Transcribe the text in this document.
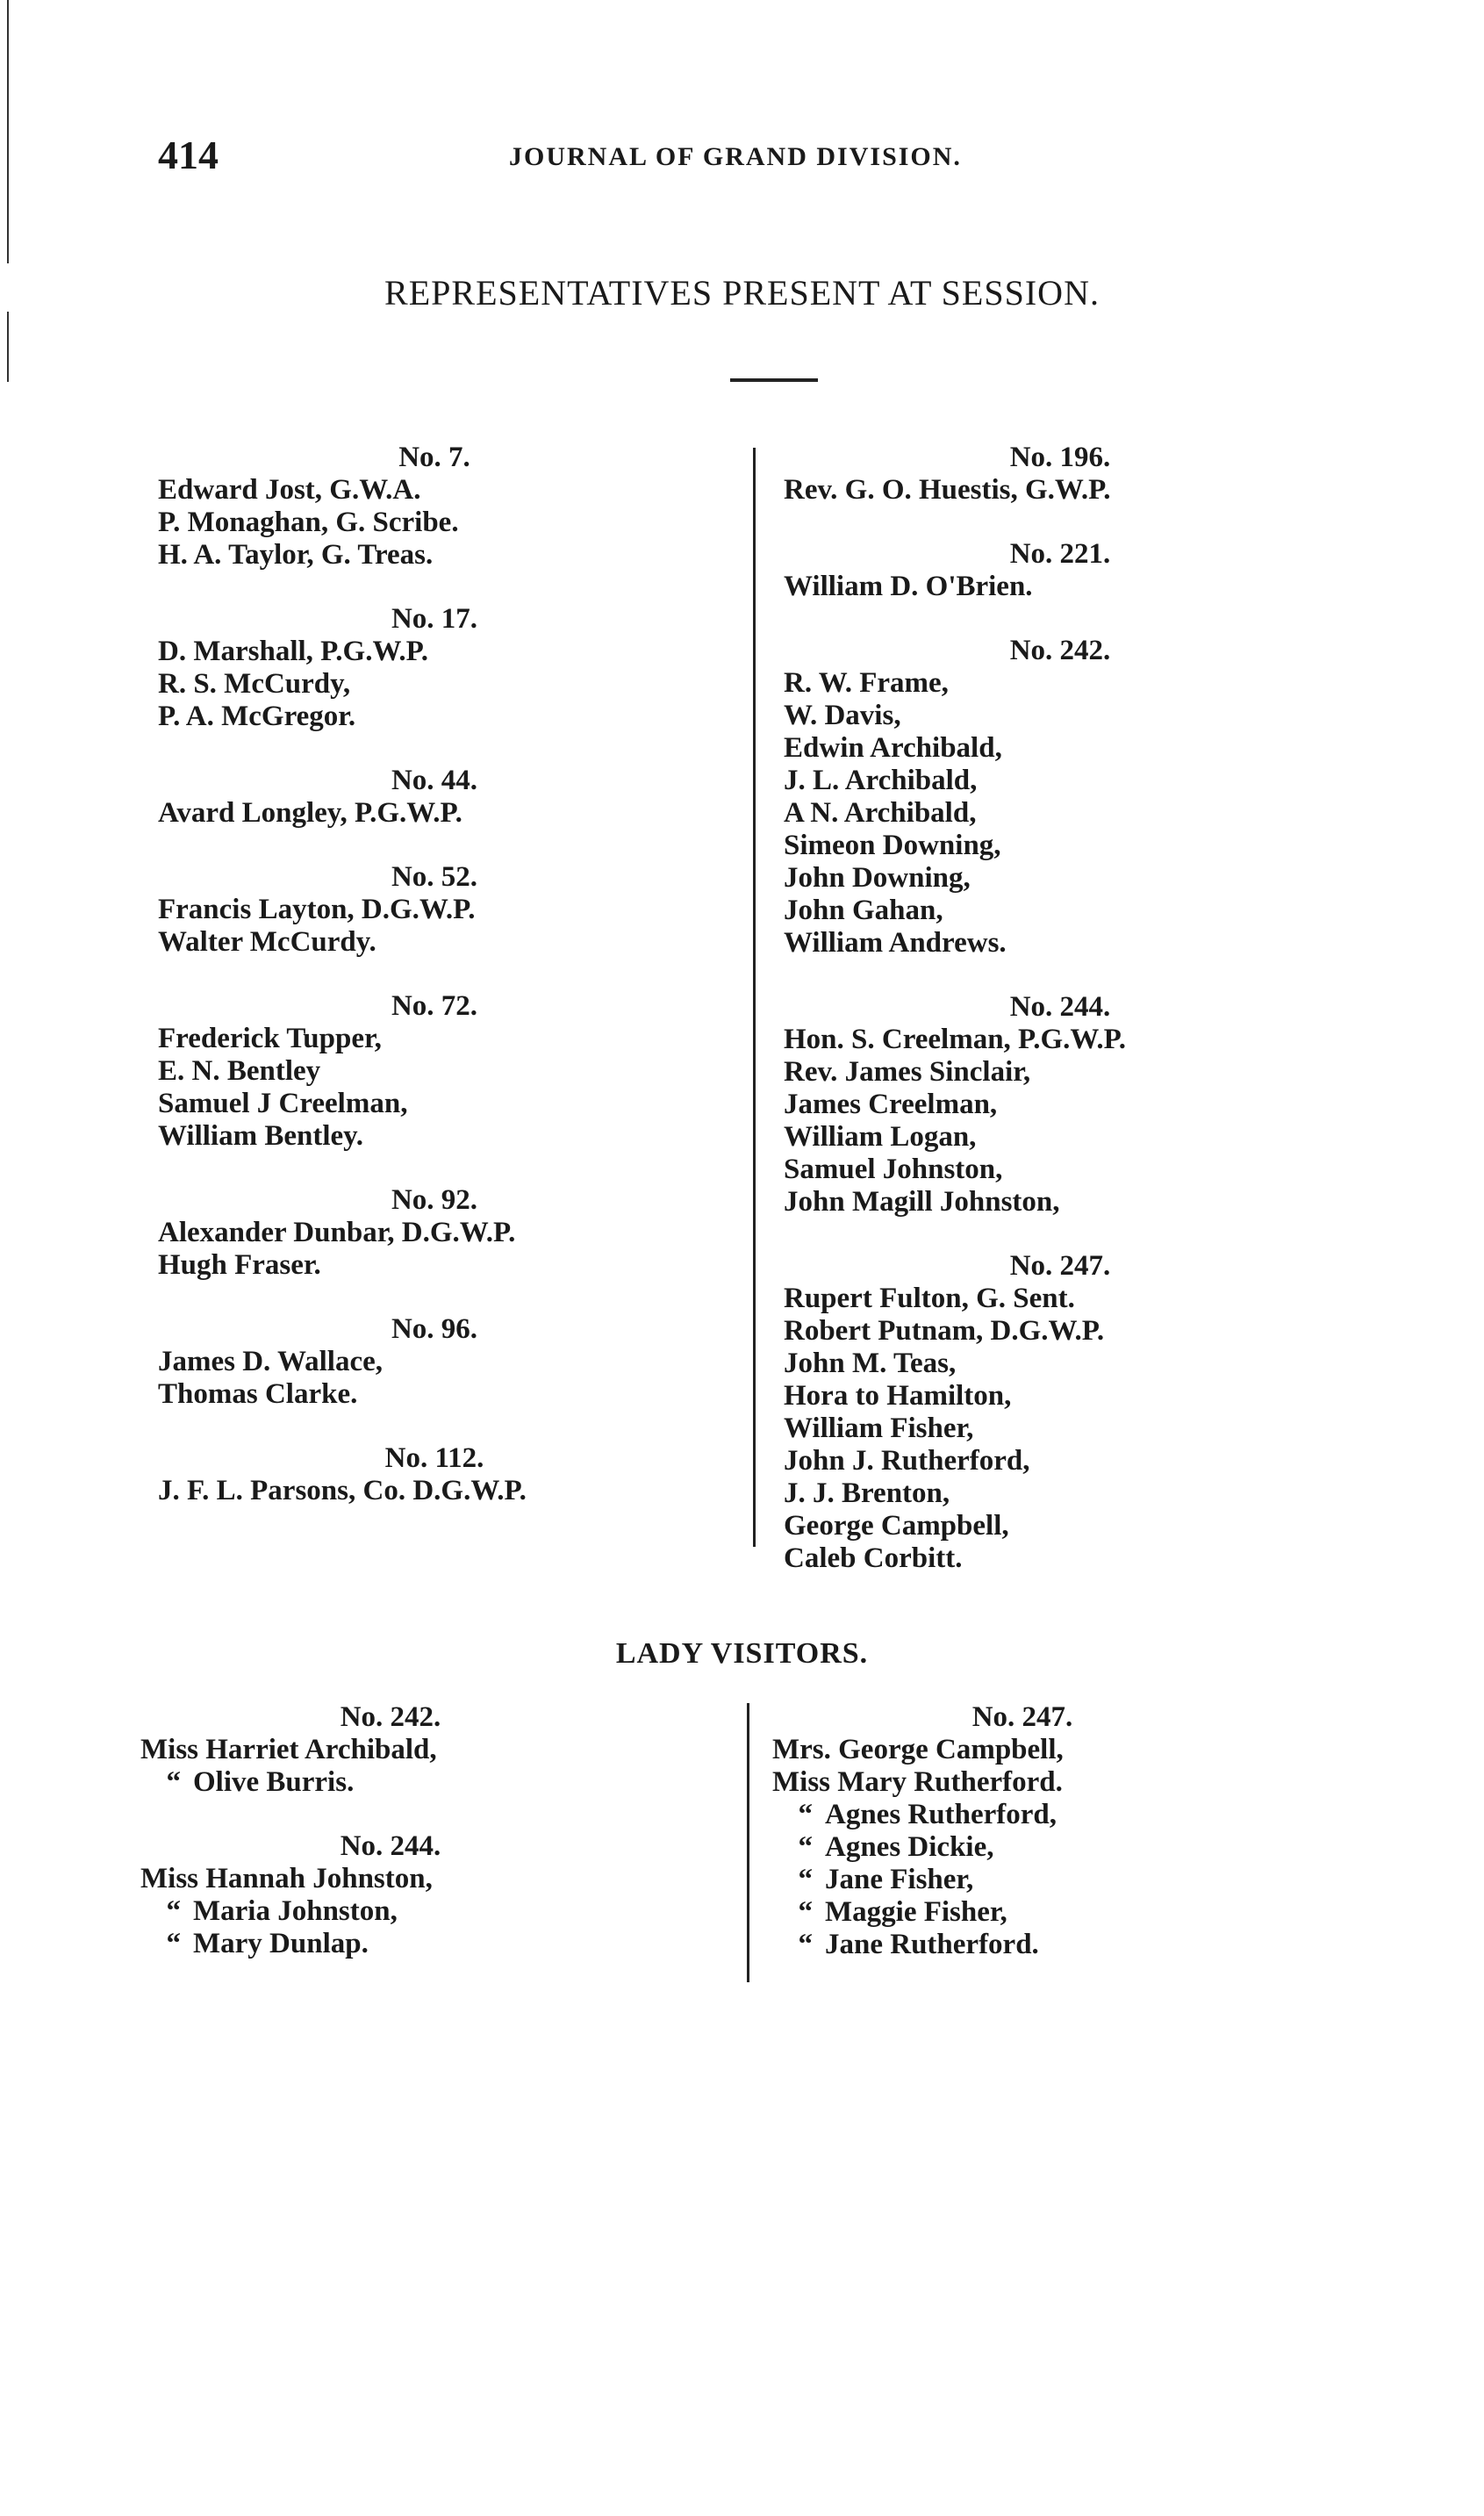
414	JOURNAL OF GRAND DIVISION.
REPRESENTATIVES PRESENT AT SESSION.
No. 7.
Edward Jost, G.W.A.
P. Monaghan, G. Scribe.
H. A. Taylor, G. Treas.
No. 17.
D. Marshall, P.G.W.P.
R. S. McCurdy,
P. A. McGregor.
No. 44.
Avard Longley, P.G.W.P.
No. 52.
Francis Layton, D.G.W.P.
Walter McCurdy.
No. 72.
Frederick Tupper,
E. N. Bentley
Samuel J Creelman,
William Bentley.
No. 92.
Alexander Dunbar, D.G.W.P.
Hugh Fraser.
No. 96.
James D. Wallace,
Thomas Clarke.
No. 112.
J. F. L. Parsons, Co. D.G.W.P.
No. 196.
Rev. G. O. Huestis, G.W.P.
No. 221.
William D. O'Brien.
No. 242.
R. W. Frame,
W. Davis,
Edwin Archibald,
J. L. Archibald,
A N. Archibald,
Simeon Downing,
John Downing,
John Gahan,
William Andrews.
No. 244.
Hon. S. Creelman, P.G.W.P.
Rev. James Sinclair,
James Creelman,
William Logan,
Samuel Johnston,
John Magill Johnston,
No. 247.
Rupert Fulton, G. Sent.
Robert Putnam, D.G.W.P.
John M. Teas,
Hora to Hamilton,
William Fisher,
John J. Rutherford,
J. J. Brenton,
George Campbell,
Caleb Corbitt.
LADY VISITORS.
No. 242.
Miss Harriet Archibald,
“ Olive Burris.
No. 244.
Miss Hannah Johnston,
“ Maria Johnston,
“ Mary Dunlap.
No. 247.
Mrs. George Campbell,
Miss Mary Rutherford.
“ Agnes Rutherford,
“ Agnes Dickie,
“ Jane Fisher,
“ Maggie Fisher,
“ Jane Rutherford.
